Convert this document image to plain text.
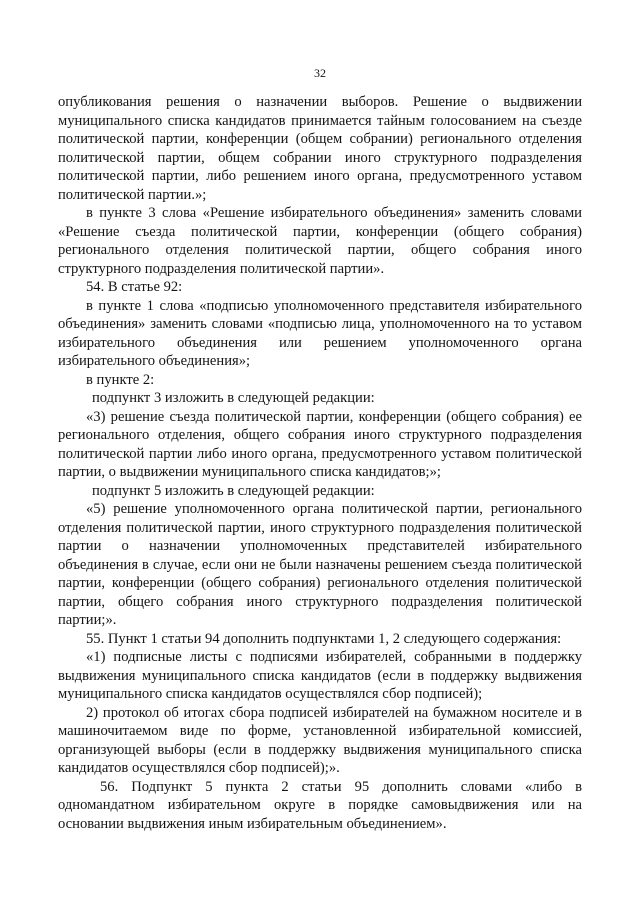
32

опубликования решения о назначении выборов. Решение о выдвижении муниципального списка кандидатов принимается тайным голосованием на съезде политической партии, конференции (общем собрании) регионального отделения политической партии, общем собрании иного структурного подразделения политической партии, либо решением иного органа, предусмотренного уставом политической партии.»;

в пункте 3 слова «Решение избирательного объединения» заменить словами «Решение съезда политической партии, конференции (общего собрания) регионального отделения политической партии, общего собрания иного структурного подразделения политической партии».

54. В статье 92:

в пункте 1 слова «подписью уполномоченного представителя избирательного объединения» заменить словами «подписью лица, уполномоченного на то уставом избирательного объединения или решением уполномоченного органа избирательного объединения»;

в пункте 2:

подпункт 3 изложить в следующей редакции:

«3) решение съезда политической партии, конференции (общего собрания) ее регионального отделения, общего собрания иного структурного подразделения политической партии либо иного органа, предусмотренного уставом политической партии, о выдвижении муниципального списка кандидатов;»;

подпункт 5 изложить в следующей редакции:

«5) решение уполномоченного органа политической партии, регионального отделения политической партии, иного структурного подразделения политической партии о назначении уполномоченных представителей избирательного объединения в случае, если они не были назначены решением съезда политической партии, конференции (общего собрания) регионального отделения политической партии, общего собрания иного структурного подразделения политической партии;».

55. Пункт 1 статьи 94 дополнить подпунктами 1, 2 следующего содержания:

«1) подписные листы с подписями избирателей, собранными в поддержку выдвижения муниципального списка кандидатов (если в поддержку выдвижения муниципального списка кандидатов осуществлялся сбор подписей);

2) протокол об итогах сбора подписей избирателей на бумажном носителе и в машиночитаемом виде по форме, установленной избирательной комиссией, организующей выборы (если в поддержку выдвижения муниципального списка кандидатов осуществлялся сбор подписей);».

56. Подпункт 5 пункта 2 статьи 95 дополнить словами «либо в одномандатном избирательном округе в порядке самовыдвижения или на основании выдвижения иным избирательным объединением».
